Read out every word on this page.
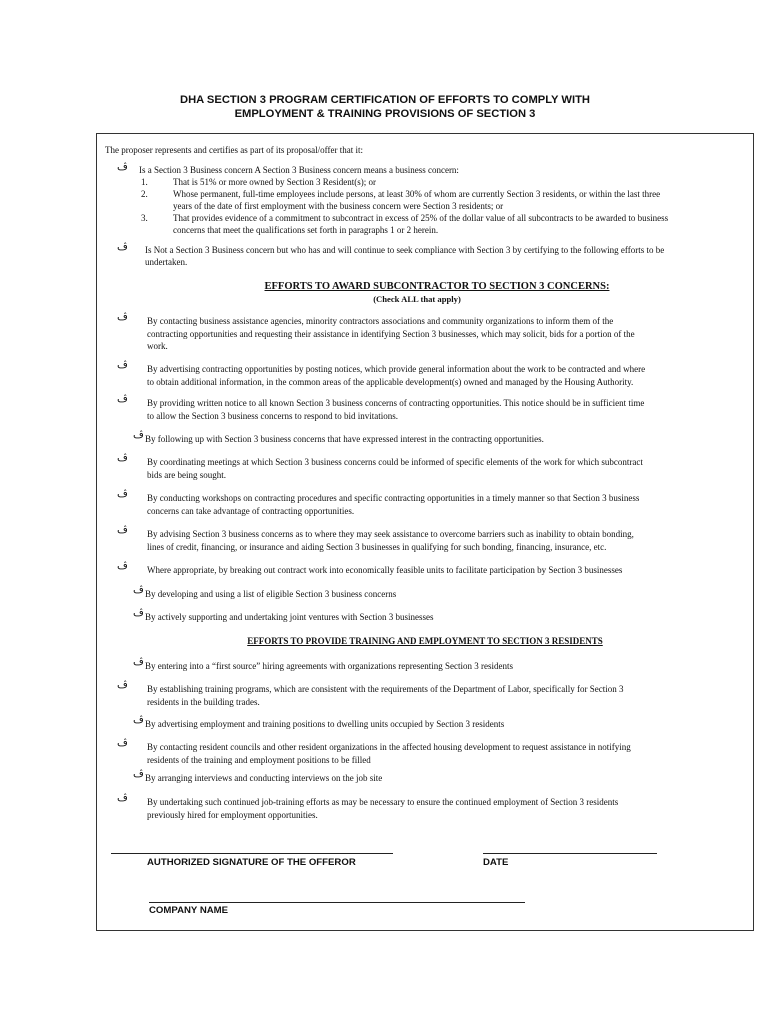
DHA SECTION 3 PROGRAM CERTIFICATION OF EFFORTS TO COMPLY WITH
EMPLOYMENT & TRAINING PROVISIONS OF SECTION 3
The proposer represents and certifies as part of its proposal/offer that it:
ڤ Is a Section 3 Business concern A Section 3 Business concern means a business concern:
1.	That is 51% or more owned by Section 3 Resident(s); or
2.	Whose permanent, full-time employees include persons, at least 30% of whom are currently Section 3 residents, or within the last three
years of the date of first employment with the business concern were Section 3 residents; or
3.	That provides evidence of a commitment to subcontract in excess of 25% of the dollar value of all subcontracts to be awarded to business
concerns that meet the qualifications set forth in paragraphs 1 or 2 herein.
ڤ Is Not a Section 3 Business concern but who has and will continue to seek compliance with Section 3 by certifying to the following efforts to be
undertaken.
EFFORTS TO AWARD SUBCONTRACTOR TO SECTION 3 CONCERNS:
(Check ALL that apply)
ڤ By contacting business assistance agencies, minority contractors associations and community organizations to inform them of the
contracting opportunities and requesting their assistance in identifying Section 3 businesses, which may solicit, bids for a portion of the
work.
ڤ By advertising contracting opportunities by posting notices, which provide general information about the work to be contracted and where
to obtain additional information, in the common areas of the applicable development(s) owned and managed by the Housing Authority.
ڤ By providing written notice to all known Section 3 business concerns of contracting opportunities. This notice should be in sufficient time
to allow the Section 3 business concerns to respond to bid invitations.
ڤ By following up with Section 3 business concerns that have expressed interest in the contracting opportunities.
ڤ By coordinating meetings at which Section 3 business concerns could be informed of specific elements of the work for which subcontract
bids are being sought.
ڤ By conducting workshops on contracting procedures and specific contracting opportunities in a timely manner so that Section 3 business
concerns can take advantage of contracting opportunities.
ڤ By advising Section 3 business concerns as to where they may seek assistance to overcome barriers such as inability to obtain bonding,
lines of credit, financing, or insurance and aiding Section 3 businesses in qualifying for such bonding, financing, insurance, etc.
ڤ Where appropriate, by breaking out contract work into economically feasible units to facilitate participation by Section 3 businesses
ڤ By developing and using a list of eligible Section 3 business concerns
ڤ By actively supporting and undertaking joint ventures with Section 3 businesses
EFFORTS TO PROVIDE TRAINING AND EMPLOYMENT TO SECTION 3 RESIDENTS
ڤ By entering into a “first source” hiring agreements with organizations representing Section 3 residents
ڤ By establishing training programs, which are consistent with the requirements of the Department of Labor, specifically for Section 3
residents in the building trades.
ڤ By advertising employment and training positions to dwelling units occupied by Section 3 residents
ڤ By contacting resident councils and other resident organizations in the affected housing development to request assistance in notifying
residents of the training and employment positions to be filled
ڤ By arranging interviews and conducting interviews on the job site
ڤ By undertaking such continued job-training efforts as may be necessary to ensure the continued employment of Section 3 residents
previously hired for employment opportunities.
AUTHORIZED SIGNATURE OF THE OFFEROR	DATE
COMPANY NAME
